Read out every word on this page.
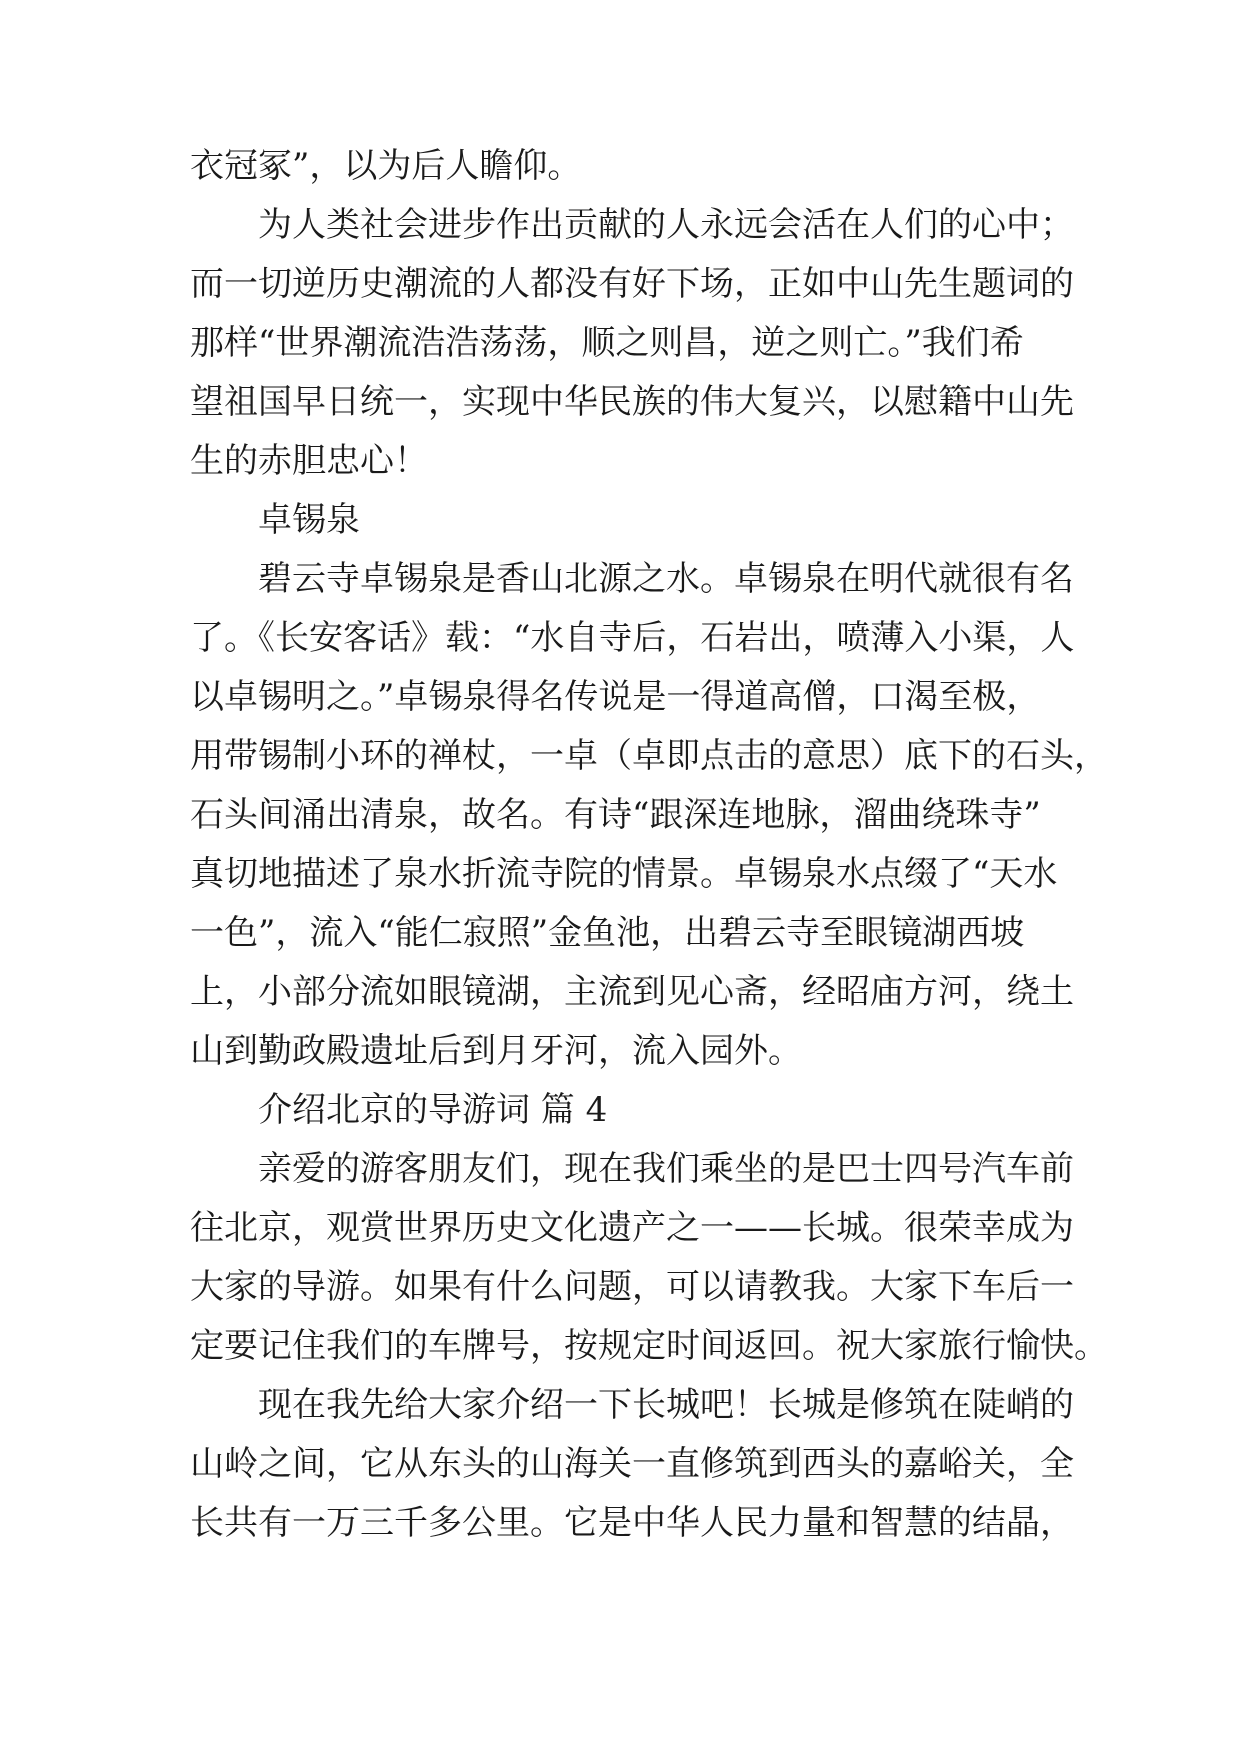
衣冠冢”，以为后人瞻仰。
为人类社会进步作出贡献的人永远会活在人们的心中；
而一切逆历史潮流的人都没有好下场，正如中山先生题词的
那样“世界潮流浩浩荡荡，顺之则昌，逆之则亡。”我们希
望祖国早日统一，实现中华民族的伟大复兴，以慰籍中山先
生的赤胆忠心！
卓锡泉
碧云寺卓锡泉是香山北源之水。卓锡泉在明代就很有名
了。《长安客话》载：“水自寺后，石岩出，喷薄入小渠，人
以卓锡明之。”卓锡泉得名传说是一得道高僧，口渴至极，
用带锡制小环的禅杖，一卓（卓即点击的意思）底下的石头，
石头间涌出清泉，故名。有诗“跟深连地脉，溜曲绕珠寺”
真切地描述了泉水折流寺院的情景。卓锡泉水点缀了“天水
一色”，流入“能仁寂照”金鱼池，出碧云寺至眼镜湖西坡
上，小部分流如眼镜湖，主流到见心斋，经昭庙方河，绕土
山到勤政殿遗址后到月牙河，流入园外。
介绍北京的导游词 篇 4
亲爱的游客朋友们，现在我们乘坐的是巴士四号汽车前
往北京，观赏世界历史文化遗产之一——长城。很荣幸成为
大家的导游。如果有什么问题，可以请教我。大家下车后一
定要记住我们的车牌号，按规定时间返回。祝大家旅行愉快。
现在我先给大家介绍一下长城吧！长城是修筑在陡峭的
山岭之间，它从东头的山海关一直修筑到西头的嘉峪关，全
长共有一万三千多公里。它是中华人民力量和智慧的结晶，
